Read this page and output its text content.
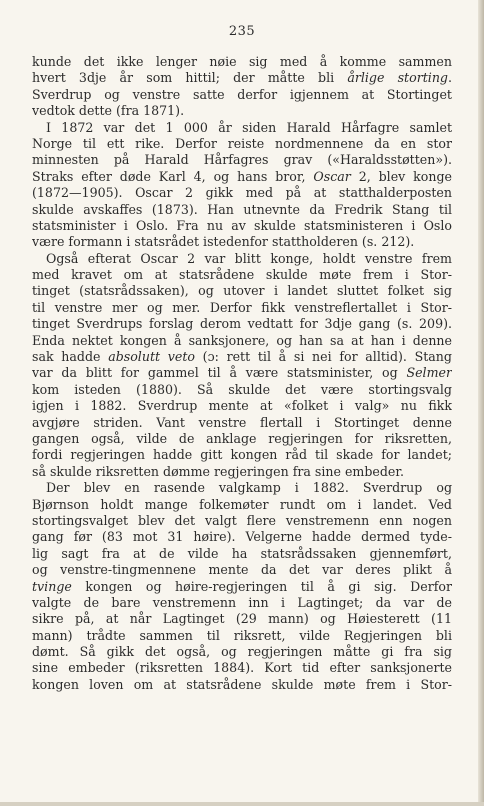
235
kunde det ikke lenger nøie sig med å komme sammen
hvert 3dje år som hittil; der måtte bli årlige storting.
Sverdrup og venstre satte derfor igjennem at Stortinget
vedtok dette (fra 1871).
I 1872 var det 1 000 år siden Harald Hårfagre samlet
Norge til ett rike. Derfor reiste nordmennene da en stor
minnesten på Harald Hårfagres grav («Haraldsstøtten»).
Straks efter døde Karl 4, og hans bror, Oscar 2, blev konge
(1872—1905). Oscar 2 gikk med på at statthalderposten
skulde avskaffes (1873). Han utnevnte da Fredrik Stang til
statsminister i Oslo. Fra nu av skulde statsministeren i Oslo
være formann i statsrådet istedenfor stattholderen (s. 212).
Også efterat Oscar 2 var blitt konge, holdt venstre frem
med kravet om at statsrådene skulde møte frem i Stor-
tinget (statsrådssaken), og utover i landet sluttet folket sig
til venstre mer og mer. Derfor fikk venstreflertallet i Stor-
tinget Sverdrups forslag derom vedtatt for 3dje gang (s. 209).
Enda nektet kongen å sanksjonere, og han sa at han i denne
sak hadde absolutt veto (ɔ: rett til å si nei for alltid). Stang
var da blitt for gammel til å være statsminister, og Selmer
kom isteden (1880). Så skulde det være stortingsvalg
igjen i 1882. Sverdrup mente at «folket i valg» nu fikk
avgjøre striden. Vant venstre flertall i Stortinget denne
gangen også, vilde de anklage regjeringen for riksretten,
fordi regjeringen hadde gitt kongen råd til skade for landet;
så skulde riksretten dømme regjeringen fra sine embeder.
Der blev en rasende valgkamp i 1882. Sverdrup og
Bjørnson holdt mange folkemøter rundt om i landet. Ved
stortingsvalget blev det valgt flere venstremenn enn nogen
gang før (83 mot 31 høire). Velgerne hadde dermed tyde-
lig sagt fra at de vilde ha statsrådssaken gjennemført,
og venstre-tingmennene mente da det var deres plikt å
tvinge kongen og høire-regjeringen til å gi sig. Derfor
valgte de bare venstremenn inn i Lagtinget; da var de
sikre på, at når Lagtinget (29 mann) og Høiesterett (11
mann) trådte sammen til riksrett, vilde Regjeringen bli
dømt. Så gikk det også, og regjeringen måtte gi fra sig
sine embeder (riksretten 1884). Kort tid efter sanksjonerte
kongen loven om at statsrådene skulde møte frem i Stor-
